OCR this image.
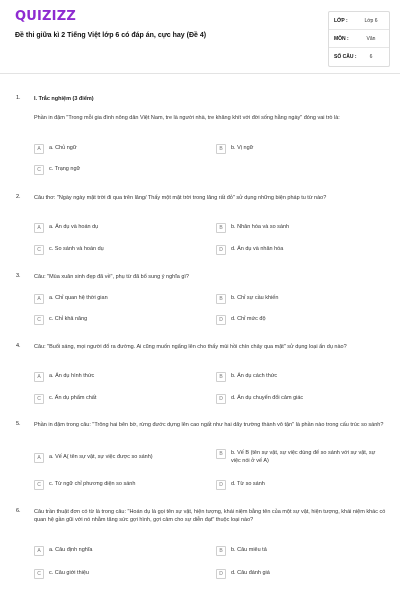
QUIZIZZ
Đề thi giữa kì 2 Tiếng Việt lớp 6 có đáp án, cực hay (Đề 4)
LỚP :	Lớp 6
MÔN :	Văn
SỐ CÂU :	6
1. I. Trắc nghiệm (3 điểm)
Phần in đậm "Trong mỗi gia đình nông dân Việt Nam, tre là người nhà, tre khăng khít với đời sống hằng ngày" đóng vai trò là:
A	a. Chủ ngữ	B	b. Vị ngữ
C	c. Trạng ngữ
2. Câu thơ: "Ngày ngày mặt trời đi qua trên lăng/ Thấy một mặt trời trong lăng rất đỏ" sử dụng những biện pháp tu từ nào?
A	a. Ẩn dụ và hoán dụ	B	b. Nhân hóa và so sánh
C	c. So sánh và hoán dụ	D	d. Ẩn dụ và nhân hóa
3. Câu: "Mùa xuân sinh đẹp đã về", phụ từ đã bổ sung ý nghĩa gì?
A	a. Chỉ quan hệ thời gian	B	b. Chỉ sự cầu khiến
C	c. Chỉ khả năng	D	d. Chỉ mức độ
4. Câu: "Buổi sáng, mọi người đổ ra đường. Ai cũng muốn ngẩng lên cho thấy mùi hồi chín chảy qua mặt" sử dụng loại ẩn dụ nào?
A	a. Ẩn dụ hình thức	B	b. Ẩn dụ cách thức
C	c. Ẩn dụ phẩm chất	D	d. Ẩn dụ chuyển đổi cảm giác
5. Phần in đậm trong câu: "Trông hai bên bờ, rừng đước dựng lên cao ngất như hai dãy trường thành vô tận" là phần nào trong cấu trúc so sánh?
A	a. Vế A( tên sự vật, sự việc được so sánh)	B	b. Vế B (tên sự vật, sự việc dùng để so sánh với sự vật, sự việc nói ở vế A)
C	c. Từ ngữ chỉ phương diện so sánh	D	d. Từ so sánh
6. Câu trần thuật đơn có từ là trong câu: "Hoán dụ là gọi tên sự vật, hiện tượng, khái niệm bằng tên của một sự vật, hiện tượng, khái niệm khác có quan hệ gần gũi với nó nhằm tăng sức gợi hình, gợi cảm cho sự diễn đạt" thuộc loại nào?
A	a. Câu định nghĩa	B	b. Câu miêu tả
C	c. Câu giới thiệu	D	d. Câu đánh giá
